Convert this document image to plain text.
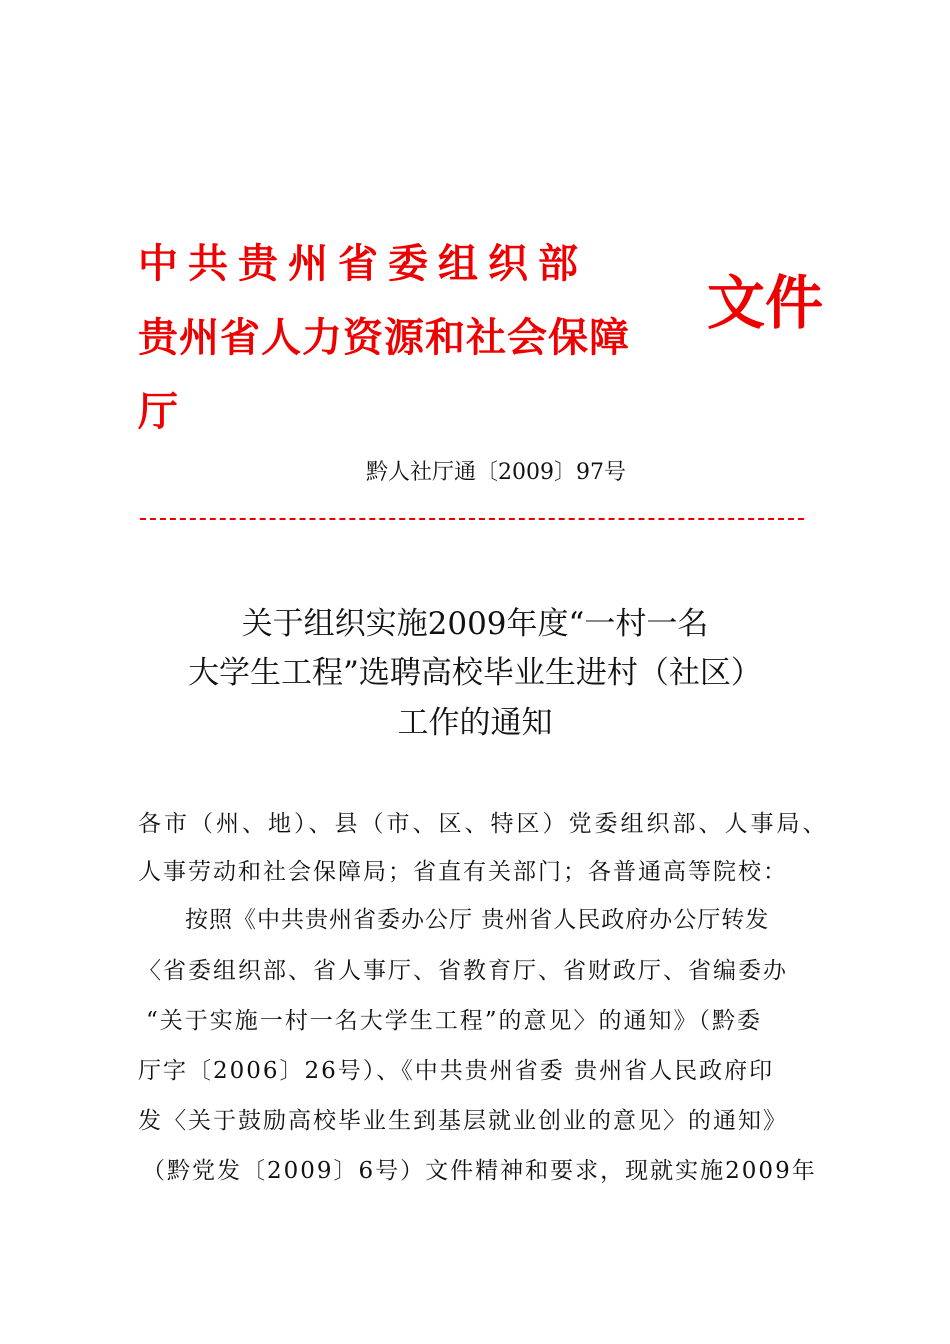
中共贵州省委组织部
贵州省人力资源和社会保障
厅
文件
黔人社厅通〔2009〕97号
关于组织实施2009年度“一村一名
大学生工程”选聘高校毕业生进村（社区）
工作的通知
各市（州、地）、县（市、区、特区）党委组织部、人事局、
人事劳动和社会保障局；省直有关部门；各普通高等院校：
按照《中共贵州省委办公厅 贵州省人民政府办公厅转发
〈省委组织部、省人事厅、省教育厅、省财政厅、省编委办
“关于实施一村一名大学生工程”的意见〉的通知》（黔委
厅字〔2006〕26号）、《中共贵州省委 贵州省人民政府印
发〈关于鼓励高校毕业生到基层就业创业的意见〉的通知》
（黔党发〔2009〕6号）文件精神和要求，现就实施2009年
